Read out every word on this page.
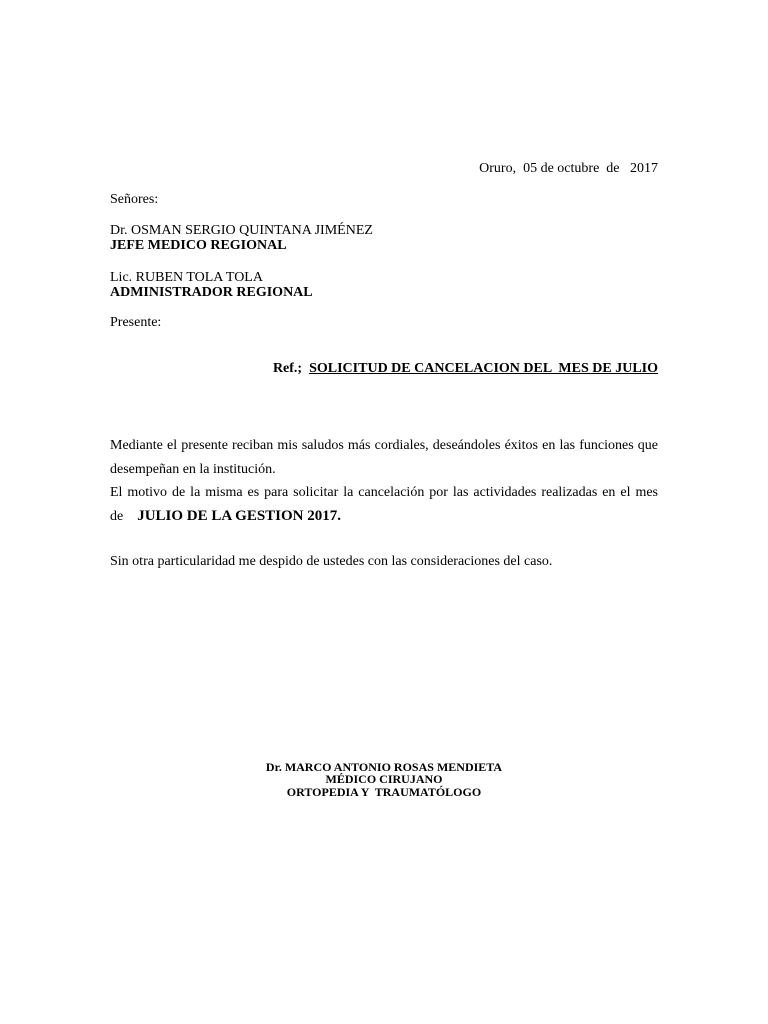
Oruro,  05 de octubre  de   2017
Señores:
Dr. OSMAN SERGIO QUINTANA JIMÉNEZ
JEFE MEDICO REGIONAL
Lic. RUBEN TOLA TOLA
ADMINISTRADOR REGIONAL
Presente:
Ref.; SOLICITUD DE CANCELACION DEL  MES DE JULIO
Mediante el presente reciban mis saludos más cordiales, deseándoles éxitos en las funciones que
desempeñan en la institución.
El motivo de la misma es para solicitar la cancelación por las actividades realizadas en el mes
de JULIO DE LA GESTION 2017.
Sin otra particularidad me despido de ustedes con las consideraciones del caso.
Dr. MARCO ANTONIO ROSAS MENDIETA
MÉDICO CIRUJANO
ORTOPEDIA Y  TRAUMATÓLOGO
